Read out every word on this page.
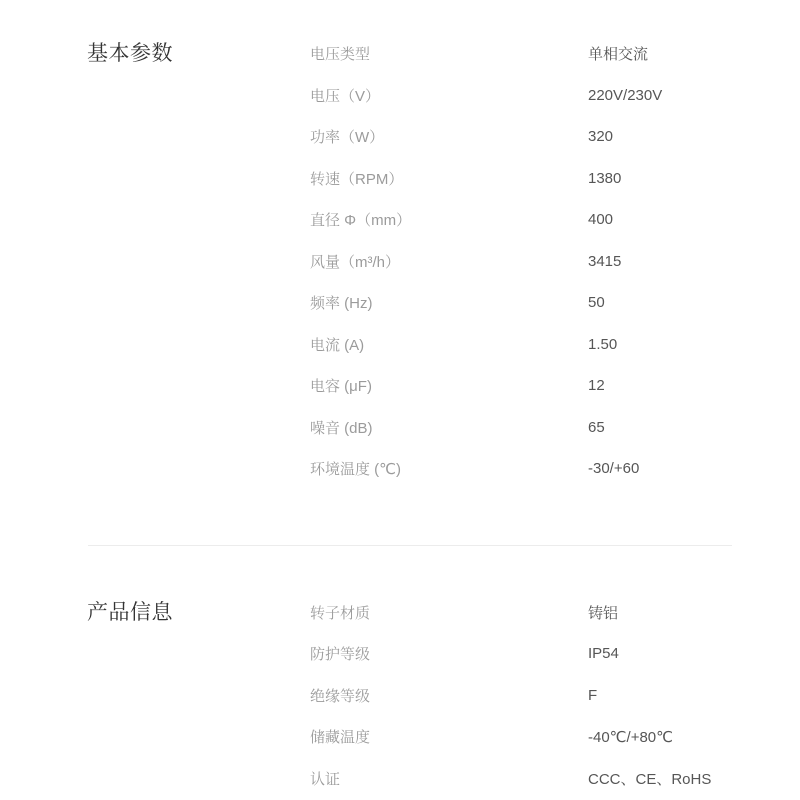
基本参数	电压类型	单相交流
电压（V）	220V/230V
功率（W）	320
转速（RPM）	1380
直径 Φ（mm）	400
风量（m³/h）	3415
频率 (Hz)	50
电流 (A)	1.50
电容 (μF)	12
噪音 (dB)	65
环境温度 (℃)	-30/+60
产品信息	转子材质	铸铝
防护等级	IP54
绝缘等级	F
储藏温度	-40℃/+80℃
认证	CCC、CE、RoHS
